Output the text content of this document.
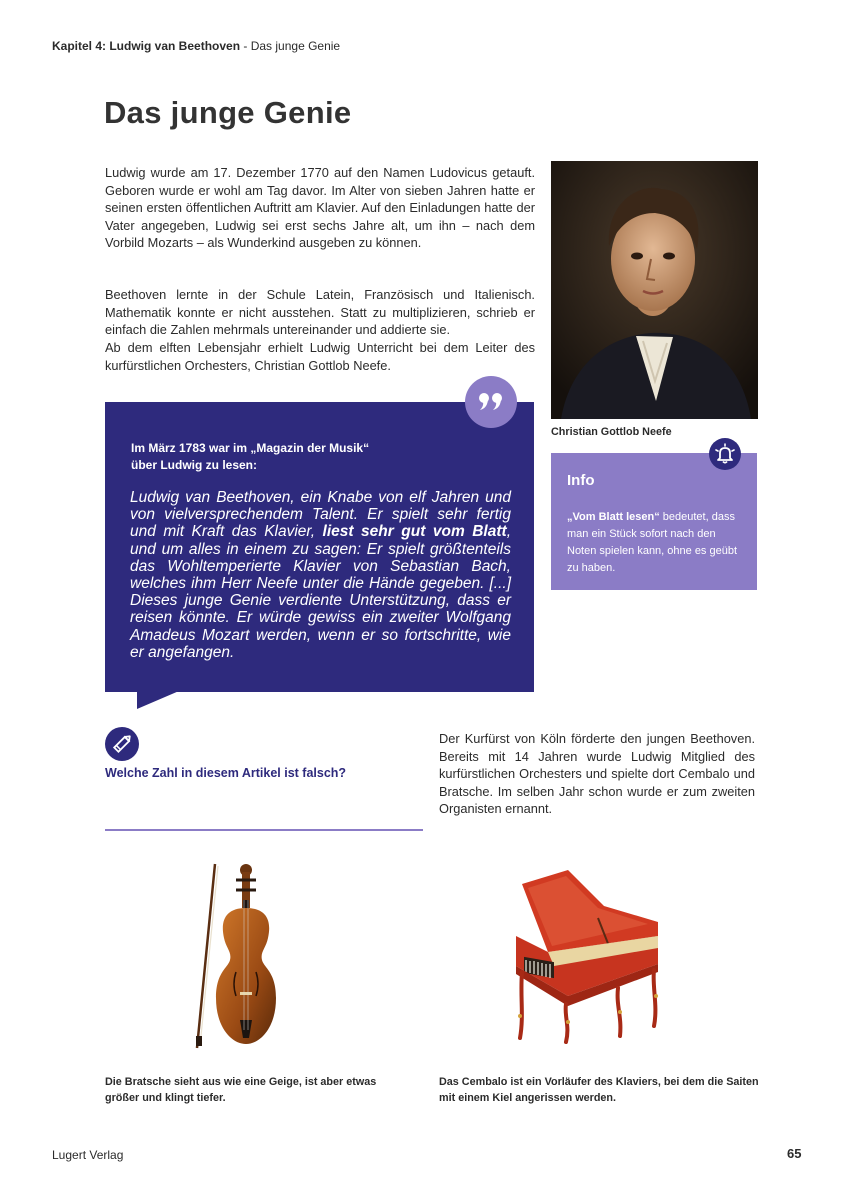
Kapitel 4: Ludwig van Beethoven - Das junge Genie
Das junge Genie
Ludwig wurde am 17. Dezember 1770 auf den Namen Ludovicus getauft. Geboren wurde er wohl am Tag davor. Im Alter von sieben Jahren hatte er seinen ersten öffentlichen Auftritt am Klavier. Auf den Einladungen hatte der Vater angegeben, Ludwig sei erst sechs Jahre alt, um ihn – nach dem Vorbild Mozarts – als Wunderkind ausgeben zu können.
Beethoven lernte in der Schule Latein, Französisch und Italienisch. Mathematik konnte er nicht ausstehen. Statt zu multiplizieren, schrieb er einfach die Zahlen mehrmals untereinander und addierte sie.
Ab dem elften Lebensjahr erhielt Ludwig Unterricht bei dem Leiter des kurfürstlichen Orchesters, Christian Gottlob Neefe.
Christian Gottlob Neefe
Im März 1783 war im „Magazin der Musik“ über Ludwig zu lesen:
Ludwig van Beethoven, ein Knabe von elf Jahren und von vielversprechendem Talent. Er spielt sehr fertig und mit Kraft das Klavier, liest sehr gut vom Blatt, und um alles in einem zu sagen: Er spielt größtenteils das Wohltemperierte Klavier von Sebastian Bach, welches ihm Herr Neefe unter die Hände gegeben. [...] Dieses junge Genie verdiente Unterstützung, dass er reisen könnte. Er würde gewiss ein zweiter Wolfgang Amadeus Mozart werden, wenn er so fortschritte, wie er angefangen.
Info
„Vom Blatt lesen“ bedeutet, dass man ein Stück sofort nach den Noten spielen kann, ohne es geübt zu haben.
Welche Zahl in diesem Artikel ist falsch?
Der Kurfürst von Köln förderte den jungen Beethoven. Bereits mit 14 Jahren wurde Ludwig Mitglied des kurfürstlichen Orchesters und spielte dort Cembalo und Bratsche. Im selben Jahr schon wurde er zum zweiten Organisten ernannt.
Die Bratsche sieht aus wie eine Geige, ist aber etwas größer und klingt tiefer.
Das Cembalo ist ein Vorläufer des Klaviers, bei dem die Saiten mit einem Kiel angerissen werden.
Lugert Verlag	65
